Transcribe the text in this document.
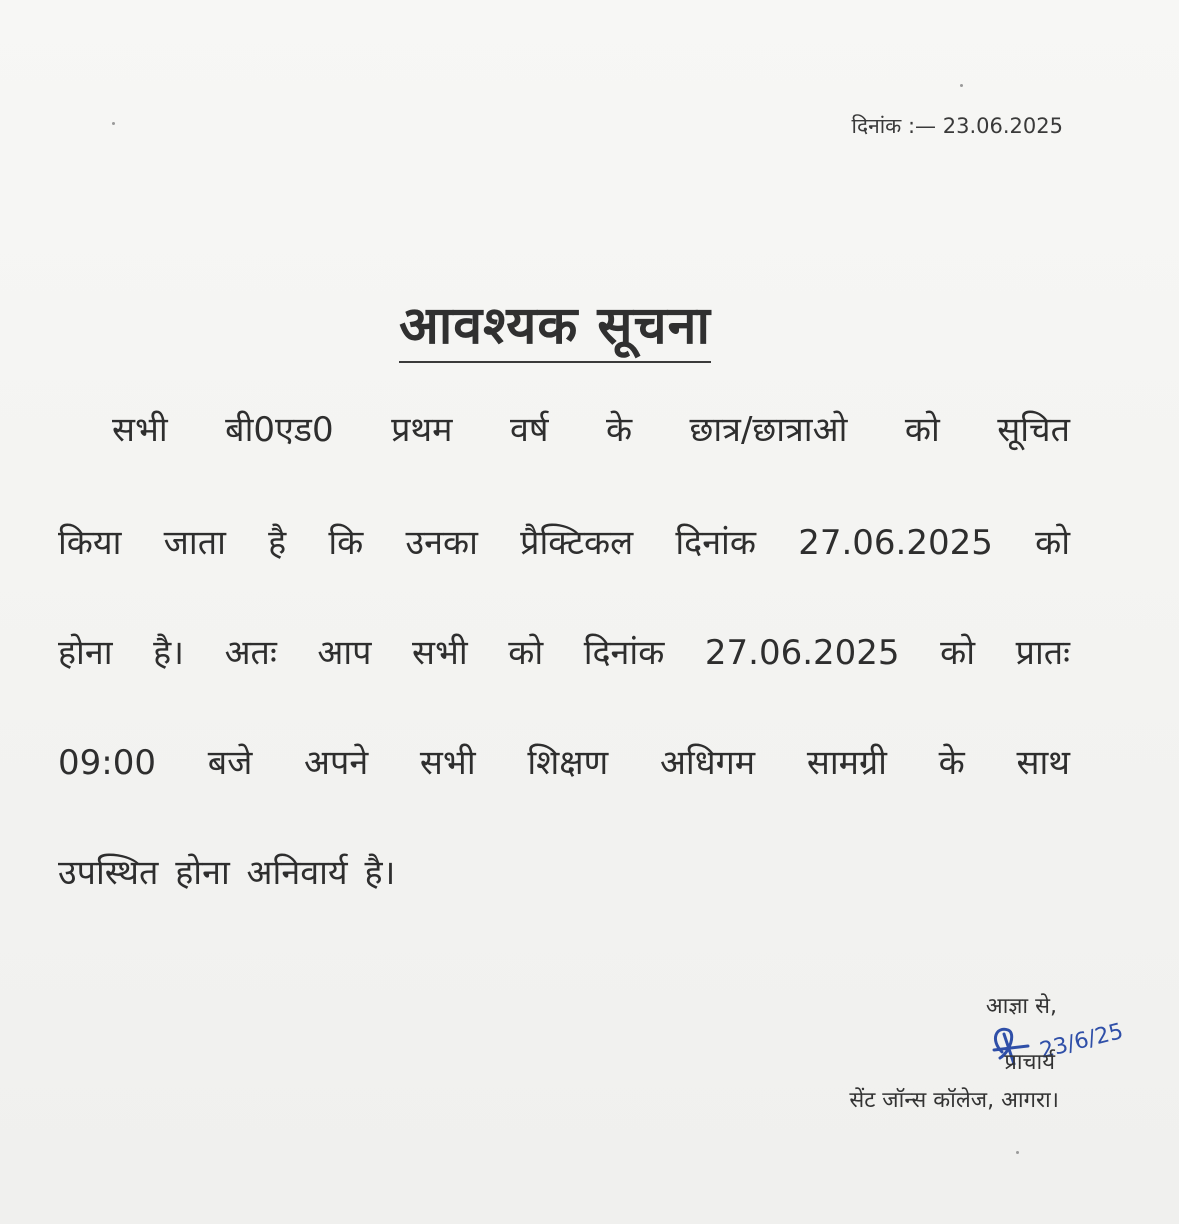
दिनांक :— 23.06.2025
आवश्यक सूचना
सभी बी0एड0 प्रथम वर्ष के छात्र/छात्राओ को सूचित
किया जाता है कि उनका प्रैक्टिकल दिनांक 27.06.2025 को
होना है। अतः आप सभी को दिनांक 27.06.2025 को प्रातः
09:00 बजे अपने सभी शिक्षण अधिगम सामग्री के साथ
उपस्थित होना अनिवार्य है।
23/6/25
आज्ञा से,
प्राचार्य
सेंट जॉन्स कॉलेज, आगरा।
